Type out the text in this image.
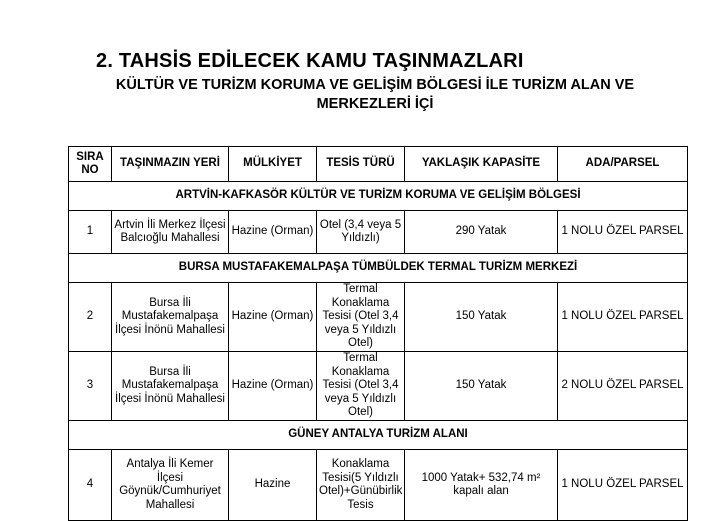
2. TAHSİS EDİLECEK KAMU TAŞINMAZLARI
KÜLTÜR VE TURİZM KORUMA VE GELİŞİM BÖLGESİ İLE TURİZM ALAN VE
MERKEZLERİ İÇİ
SIRA NO	TAŞINMAZIN YERİ	MÜLKİYET	TESİS TÜRÜ	YAKLAŞIK KAPASİTE	ADA/PARSEL
ARTVİN-KAFKASÖR KÜLTÜR VE TURİZM KORUMA VE GELİŞİM BÖLGESİ					
1	Artvin İli Merkez İlçesi Balcıoğlu Mahallesi	Hazine (Orman)	Otel (3,4 veya 5 Yıldızlı)	290 Yatak	1 NOLU ÖZEL PARSEL
BURSA MUSTAFAKEMALPAŞA TÜMBÜLDEK TERMAL TURİZM MERKEZİ					
2	Bursa İli Mustafakemalpaşa İlçesi İnönü Mahallesi	Hazine (Orman)	Termal Konaklama Tesisi (Otel 3,4 veya 5 Yıldızlı Otel)	150 Yatak	1 NOLU ÖZEL PARSEL
3	Bursa İli Mustafakemalpaşa İlçesi İnönü Mahallesi	Hazine (Orman)	Termal Konaklama Tesisi (Otel 3,4 veya 5 Yıldızlı Otel)	150 Yatak	2 NOLU ÖZEL PARSEL
GÜNEY ANTALYA TURİZM ALANI					
4	Antalya İli Kemer İlçesi Göynük/Cumhuriyet Mahallesi	Hazine	Konaklama Tesisi(5 Yıldızlı Otel)+Günübirlik Tesis	1000 Yatak+ 532,74 m² kapalı alan	1 NOLU ÖZEL PARSEL
